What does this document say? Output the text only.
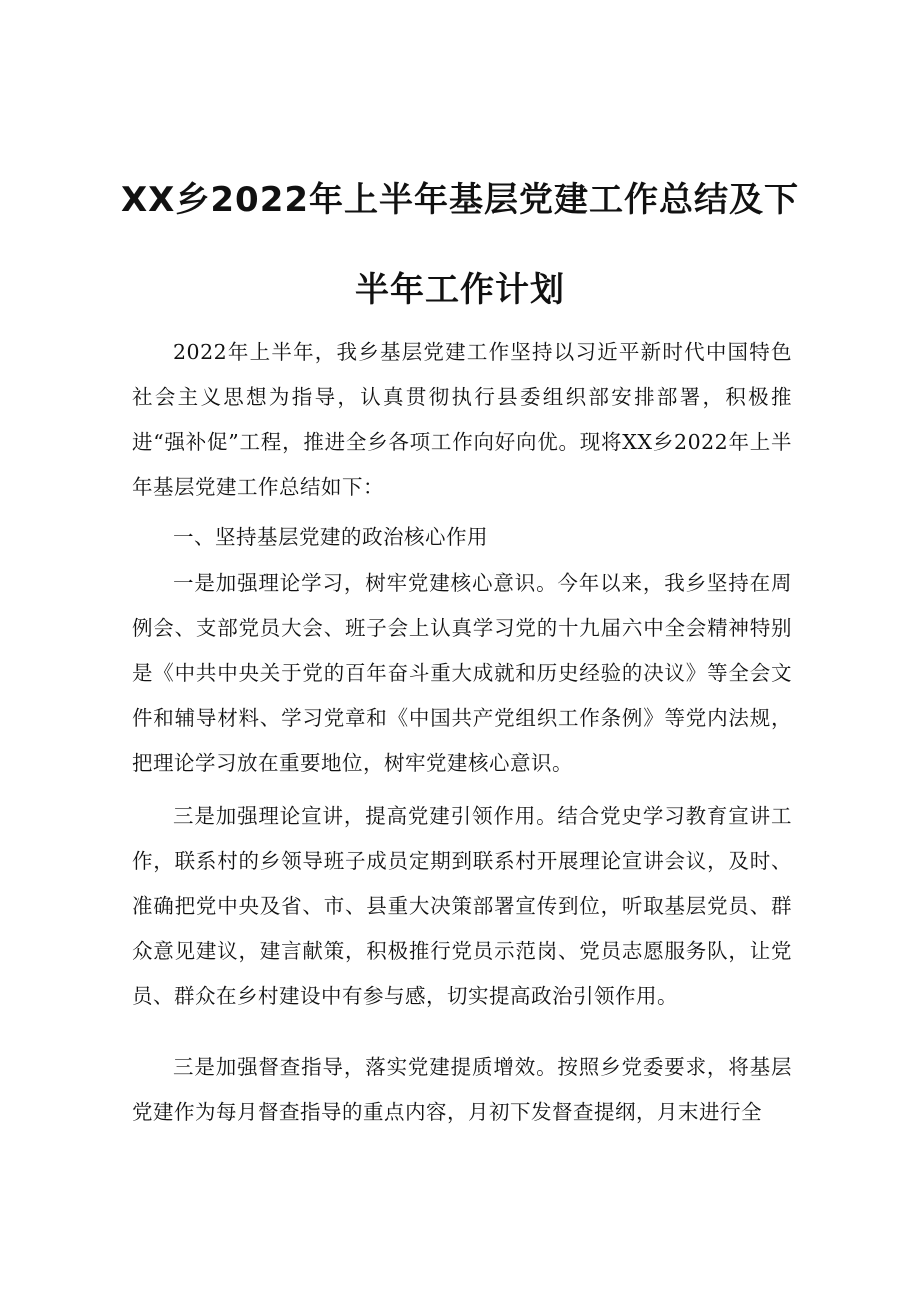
XX乡2022年上半年基层党建工作总结及下
半年工作计划

2022年上半年，我乡基层党建工作坚持以习近平新时代中国特色社会主义思想为指导，认真贯彻执行县委组织部安排部署，积极推进“强补促”工程，推进全乡各项工作向好向优。现将XX乡2022年上半年基层党建工作总结如下：

一、坚持基层党建的政治核心作用

一是加强理论学习，树牢党建核心意识。今年以来，我乡坚持在周例会、支部党员大会、班子会上认真学习党的十九届六中全会精神特别是《中共中央关于党的百年奋斗重大成就和历史经验的决议》等全会文件和辅导材料、学习党章和《中国共产党组织工作条例》等党内法规，把理论学习放在重要地位，树牢党建核心意识。

三是加强理论宣讲，提高党建引领作用。结合党史学习教育宣讲工作，联系村的乡领导班子成员定期到联系村开展理论宣讲会议，及时、准确把党中央及省、市、县重大决策部署宣传到位，听取基层党员、群众意见建议，建言献策，积极推行党员示范岗、党员志愿服务队，让党员、群众在乡村建设中有参与感，切实提高政治引领作用。

三是加强督查指导，落实党建提质增效。按照乡党委要求，将基层党建作为每月督查指导的重点内容，月初下发督查提纲，月末进行全
